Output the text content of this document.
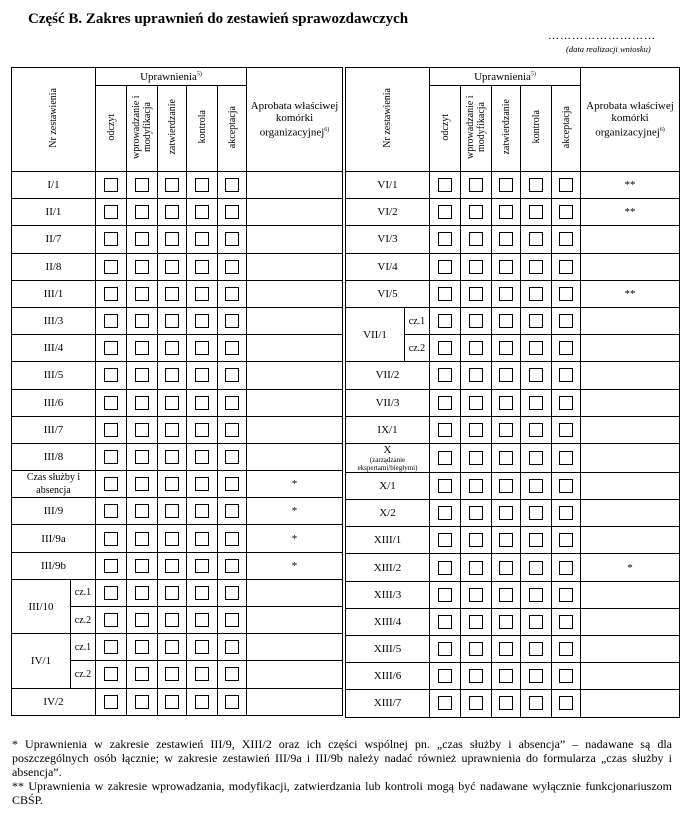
Część B. Zakres uprawnień do zestawień sprawozdawczych
………………………
(data realizacji wniosku)
Nr zestawienia		Uprawnienia$^{5)}$					Aprobata właściwej komórki organizacyjnej$^{6)}$
		odczyt	wprowadzanie i modyfikacja	zatwierdzanie	kontrola	akceptacja	
I/1							
II/1							
II/7							
II/8							
III/1							
III/3							
III/4							
III/5							
III/6							
III/7							
III/8							
Czas służby i absencja							*
III/9							*
III/9a							*
III/9b							*
III/10	cz.1						
	cz.2						
IV/1	cz.1						
	cz.2						
IV/2							
Nr zestawienia		Uprawnienia$^{5)}$					Aprobata właściwej komórki organizacyjnej$^{6)}$
		odczyt	wprowadzanie i modyfikacja	zatwierdzanie	kontrola	akceptacja	
VI/1							**
VI/2							**
VI/3							
VI/4							
VI/5							**
VII/1	cz.1						
	cz.2						
VII/2							
VII/3							
IX/1							
X
(zarządzanie ekspertami/biegłymi)							

X/1							
X/2							
XIII/1							
XIII/2							*
XIII/3							
XIII/4							
XIII/5							
XIII/6							
XIII/7							

* Uprawnienia w zakresie zestawień III/9, XIII/2 oraz ich części wspólnej pn. „czas służby i absencja” – nadawane są dla poszczególnych osób łącznie; w zakresie zestawień III/9a i III/9b należy nadać również uprawnienia do formularza „czas służby i absencja”.

** Uprawnienia w zakresie wprowadzania, modyfikacji, zatwierdzania lub kontroli mogą być nadawane wyłącznie funkcjonariuszom CBŚP.
